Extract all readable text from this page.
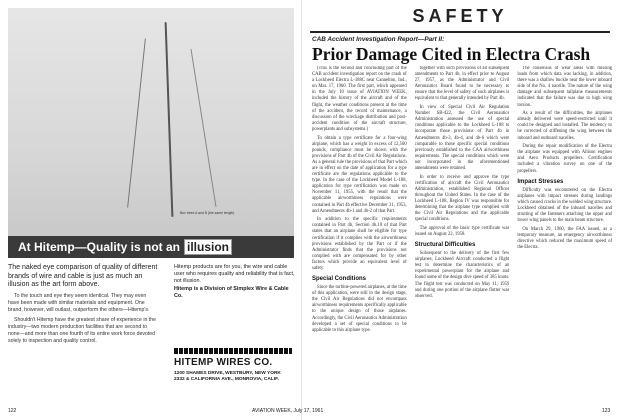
Box trees A and B (the same length)
At Hitemp—Quality is not an illusion
The naked eye comparison of quality of different brands of wire and cable is just as much an illusion as the art form above.

To the touch and eye they seem identical. They may even have been made with similar materials and equipment. One brand, however, will outlast, outperform the others—Hitemp's.

Shouldn't Hitemp have the greatest share of experience in the industry—two modern production facilities that are second to none—and more than one fourth of its entire work force devoted solely to inspection and quality control.

Hitemp products are for you, the wire and cable user who requires quality and reliability that is fact, not illusion.
Hitemp is a Division of Simplex Wire & Cable Co.
HITEMP WIRES CO.
1200 SHAMES DRIVE, WESTBURY, NEW YORK
2332 & CALIFORNIA AVE., MONROVIA, CALIF.
122
SAFETY
CAB Accident Investigation Report—Part II:
Prior Damage Cited in Electra Crash

(This is the second and concluding part of the CAB accident investigation report on the crash of a Lockheed Electra L-188C near Cannelton, Ind., on Mar. 17, 1960. The first part, which appeared in the July 10 issue of AVIATION WEEK, included the history of the aircraft and of the flight, the weather conditions present at the time of the accident, the record of maintenance, a discussion of the wreckage distribution and post-accident condition of the aircraft structure, powerplants and subsystems.)

To obtain a type certificate for a four-wing airplane, which has a weight in excess of 12,500 pounds, compliance must be shown with the provisions of Part 4b of the Civil Air Regulations. As a general rule the provisions of that Part which are in effect on the date of application for a type certificate are the regulations applicable to the type. In the case of the Lockheed Model L-188, application for type certification was made on November 11, 1955, with the result that the applicable airworthiness regulations were contained in Part 4b effective December 31, 1953, and Amendments 4b-1 and 4b-2 of that Part.

In addition to the specific requirements contained in Part 4b, Section 4b.10 of that Part states that an airplane shall be eligible for type certification if it complies with the airworthiness provisions established by the Part or if the Administrator finds that the provisions not complied with are compensated for by other factors which provide an equivalent level of safety.

Special Conditions

Since the turbine-powered airplanes, at the time of this application, were still in the design stage, the Civil Air Regulations did not encompass airworthiness requirements specifically applicable to the unique design of those airplanes. Accordingly, the Civil Aeronautics Administration developed a set of special conditions to be applicable to this airplane type.

together with such provisions of all subsequent amendments to Part 4b, in effect prior to August 27, 1957, as the Administrator and Civil Aeronautics Board found to be necessary to ensure that the level of safety of such airplanes is equivalent to that generally intended by Part 4b.

In view of Special Civil Air Regulation Number SR-422, the Civil Aeronautics Administration assessed the use of special conditions applicable to the Lockheed L-188 to incorporate those provisions of Part 4b in Amendments 4b-3, 4b-4, and 4b-6 which were comparable to those specific special conditions previously established to the CAA airworthiness requirements. The special conditions which were not incorporated in the aforementioned amendments were retained.

In order to receive and approve the type certification of aircraft the Civil Aeronautics Administration, established Regional Offices throughout the United States. In the case of the Lockheed L-188, Region IV was responsible for determining that the airplane type complied with the Civil Air Regulations and the applicable special conditions.

The approval of the basic type certificate was issued on August 22, 1958.

Structural Difficulties

Subsequent to the delivery of the first few airplanes, Lockheed Aircraft conducted a flight test to determine the characteristics of an experimental powerplant for the airplane and found some of the design dive speed of 385 knots. The flight test was conducted on May 11, 1959 and during one portion of the airplane flutter was observed.

The consensus of wear areas with missing loads from which data was lacking, in addition, there was a shallow buckle near the lower inboard side of the No. 4 nacelle. The nature of the wing damage and subsequent tailplane measurements indicated that the failure was due to high wing torsion.

As a result of the difficulties, the airplanes already delivered were speed-restricted until it could be designed and installed. The tendency to be corrected of stiffening the wing between the inboard and outboard nacelles.

During the repair modification of the Electra the airplane was equipped with Allison engines and Aero Products propellers. Certification included a vibration survey on one of the propellers.

Impact Stresses

Difficulty was encountered on the Electra airplanes with impact stresses during landings which caused cracks in the welded wing structure. Lockheed obtained of the inboard nacelles and strutting of the fasteners attaching the upper and lower wing panels to the main beam structure.

On March 29, 1960, the FAA issued, as a temporary measure, an emergency airworthiness directive which reduced the maximum speed of the Electra.

AVIATION WEEK, July 17, 1961	123
